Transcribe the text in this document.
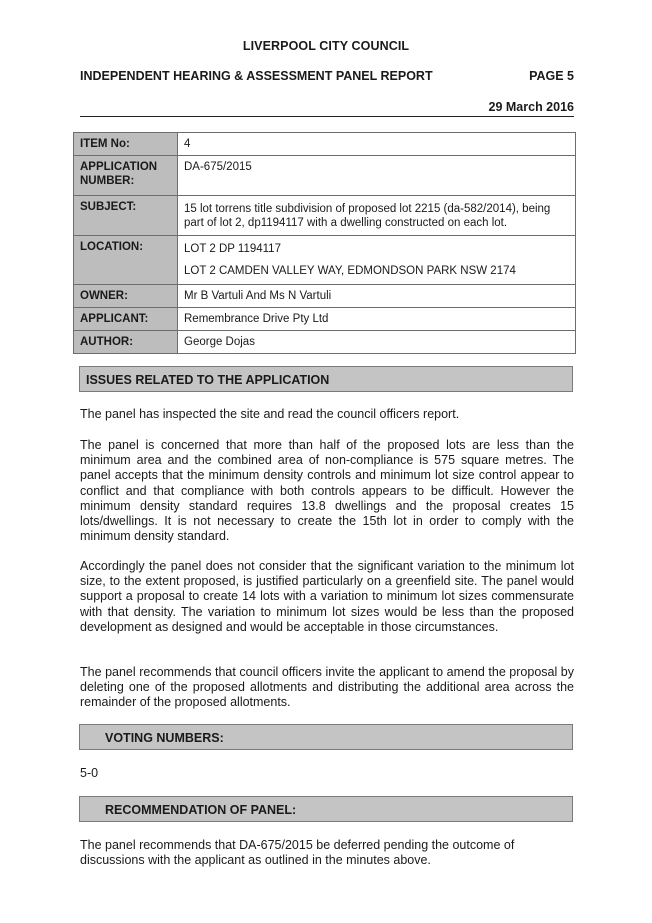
LIVERPOOL CITY COUNCIL
INDEPENDENT HEARING & ASSESSMENT PANEL REPORT	PAGE 5
29 March 2016
ITEM No:	4
APPLICATION NUMBER:	DA-675/2015
SUBJECT:	15 lot torrens title subdivision of proposed lot 2215 (da-582/2014), being part of lot 2, dp1194117 with a dwelling constructed on each lot.
LOCATION:	LOT 2 DP 1194117

LOT 2 CAMDEN VALLEY WAY, EDMONDSON PARK NSW 2174

OWNER:	Mr B Vartuli And Ms N Vartuli
APPLICANT:	Remembrance Drive Pty Ltd
AUTHOR:	George Dojas
ISSUES RELATED TO THE APPLICATION

The panel has inspected the site and read the council officers report.

The panel is concerned that more than half of the proposed lots are less than the minimum area and the combined area of non-compliance is 575 square metres. The panel accepts that the minimum density controls and minimum lot size control appear to conflict and that compliance with both controls appears to be difficult. However the minimum density standard requires 13.8 dwellings and the proposal creates 15 lots/dwellings. It is not necessary to create the 15th lot in order to comply with the minimum density standard.

Accordingly the panel does not consider that the significant variation to the minimum lot size, to the extent proposed, is justified particularly on a greenfield site. The panel would support a proposal to create 14 lots with a variation to minimum lot sizes commensurate with that density. The variation to minimum lot sizes would be less than the proposed development as designed and would be acceptable in those circumstances.

The panel recommends that council officers invite the applicant to amend the proposal by deleting one of the proposed allotments and distributing the additional area across the remainder of the proposed allotments.

VOTING NUMBERS:

5-0

RECOMMENDATION OF PANEL:

The panel recommends that DA-675/2015 be deferred pending the outcome of discussions with the applicant as outlined in the minutes above.
